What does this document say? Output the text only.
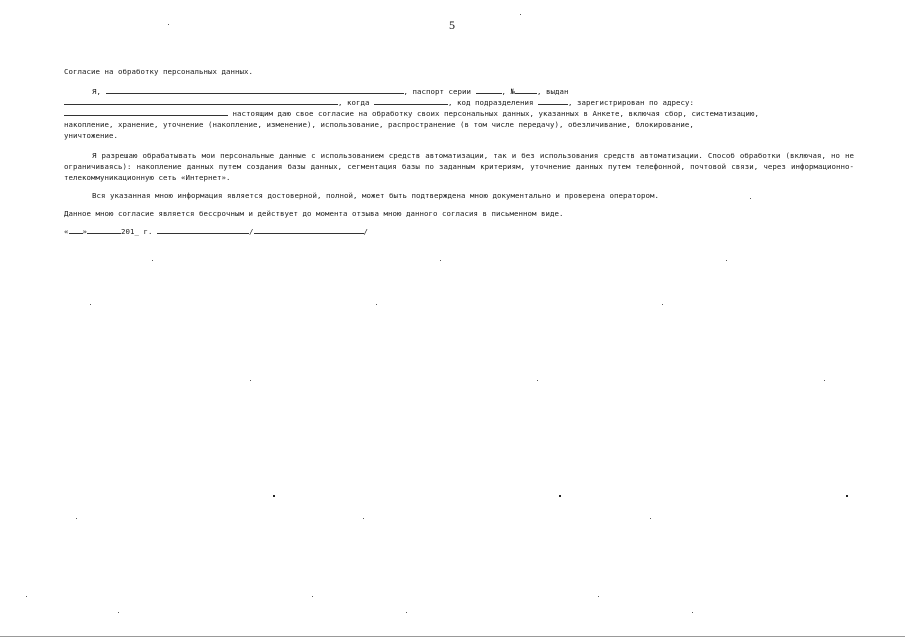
5

Согласие на обработку персональных данных.

Я,	, паспорт серии	, №	, выдан
, когда	, код подразделения	, зарегистрирован по адресу:
настоящим даю свое согласие на обработку своих персональных данных, указанных в Анкете, включая сбор, систематизацию,
накопление, хранение, уточнение (накопление, изменение), использование, распространение (в том числе передачу), обезличивание, блокирование,
уничтожение.

Я разрешаю обрабатывать мои персональные данные с использованием средств автоматизации, так и без использования средств автоматизации. Способ обработки (включая, но не ограничиваясь): накопление данных путем создания базы данных, сегментация базы по заданным критериям, уточнение данных путем телефонной, почтовой связи, через информационно-телекоммуникационную сеть «Интернет».

Вся указанная мною информация является достоверной, полной, может быть подтверждена мною документально и проверена оператором.

Данное мною согласие является бессрочным и действует до момента отзыва мною данного согласия в письменном виде.

« »	201_ г.	/	/
